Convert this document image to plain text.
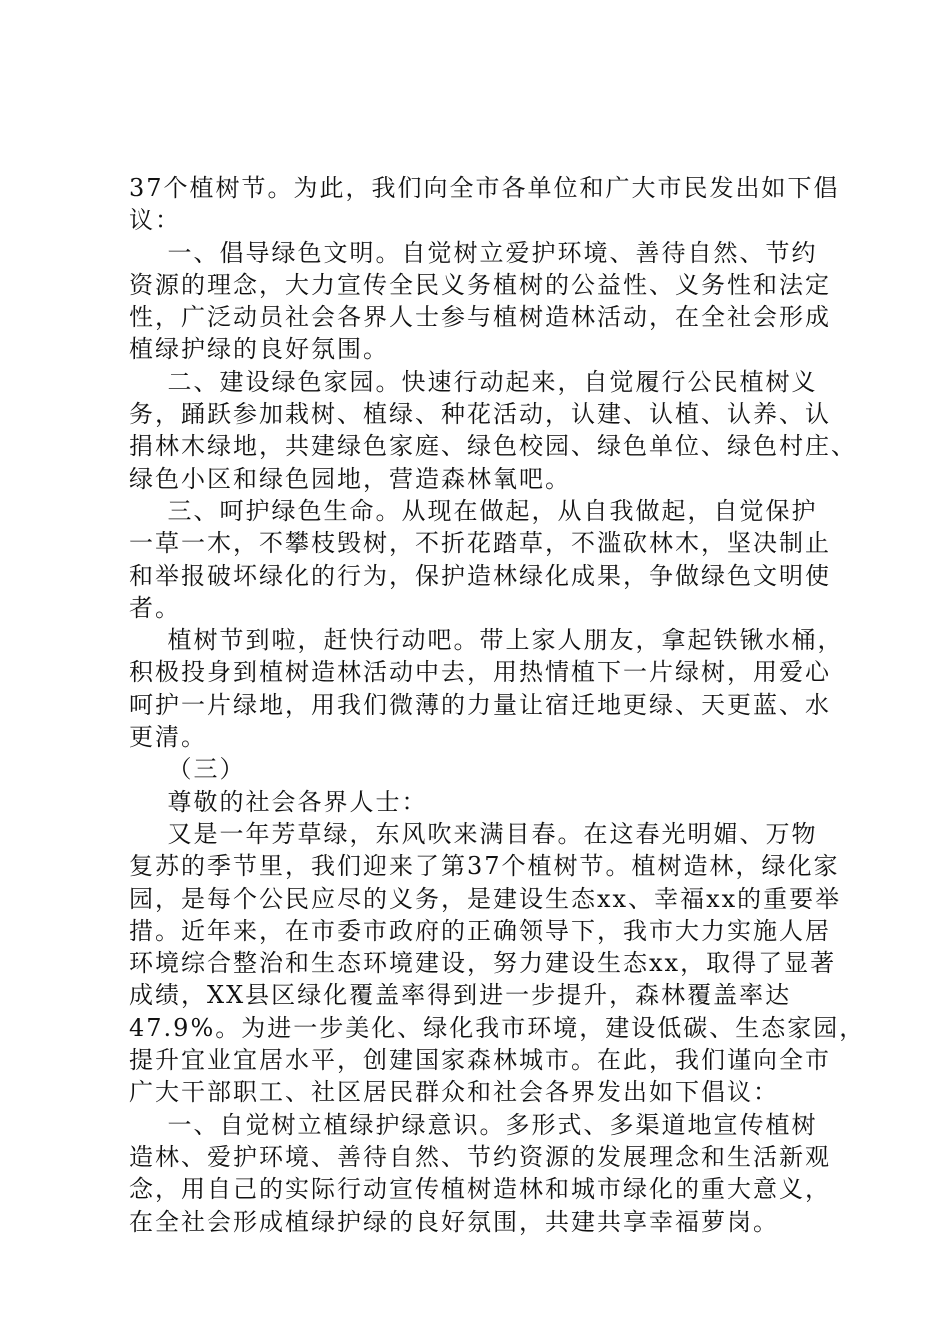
37个植树节。为此，我们向全市各单位和广大市民发出如下倡
议：
一、倡导绿色文明。自觉树立爱护环境、善待自然、节约
资源的理念，大力宣传全民义务植树的公益性、义务性和法定
性，广泛动员社会各界人士参与植树造林活动，在全社会形成
植绿护绿的良好氛围。
二、建设绿色家园。快速行动起来，自觉履行公民植树义
务，踊跃参加栽树、植绿、种花活动，认建、认植、认养、认
捐林木绿地，共建绿色家庭、绿色校园、绿色单位、绿色村庄、
绿色小区和绿色园地，营造森林氧吧。
三、呵护绿色生命。从现在做起，从自我做起，自觉保护
一草一木，不攀枝毁树，不折花踏草，不滥砍林木，坚决制止
和举报破坏绿化的行为，保护造林绿化成果，争做绿色文明使
者。
植树节到啦，赶快行动吧。带上家人朋友，拿起铁锹水桶，
积极投身到植树造林活动中去，用热情植下一片绿树，用爱心
呵护一片绿地，用我们微薄的力量让宿迁地更绿、天更蓝、水
更清。
（三）
尊敬的社会各界人士：
又是一年芳草绿，东风吹来满目春。在这春光明媚、万物
复苏的季节里，我们迎来了第37个植树节。植树造林，绿化家
园，是每个公民应尽的义务，是建设生态xx、幸福xx的重要举
措。近年来，在市委市政府的正确领导下，我市大力实施人居
环境综合整治和生态环境建设，努力建设生态xx，取得了显著
成绩，XX县区绿化覆盖率得到进一步提升，森林覆盖率达
47.9%。为进一步美化、绿化我市环境，建设低碳、生态家园，
提升宜业宜居水平，创建国家森林城市。在此，我们谨向全市
广大干部职工、社区居民群众和社会各界发出如下倡议：
一、自觉树立植绿护绿意识。多形式、多渠道地宣传植树
造林、爱护环境、善待自然、节约资源的发展理念和生活新观
念，用自己的实际行动宣传植树造林和城市绿化的重大意义，
在全社会形成植绿护绿的良好氛围，共建共享幸福萝岗。
